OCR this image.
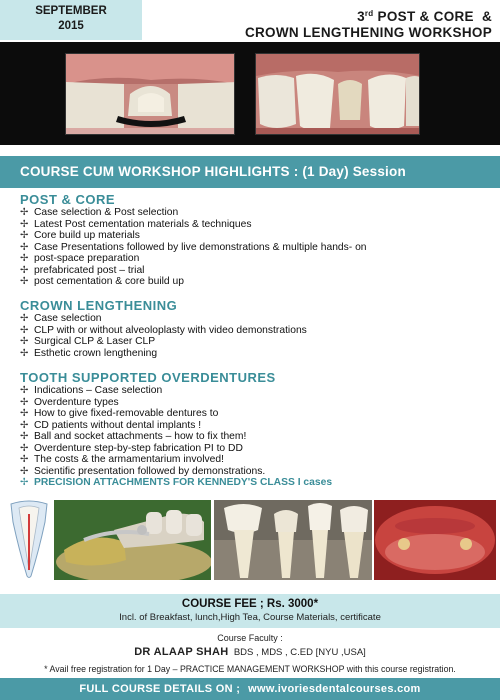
SEPTEMBER
2015
3rd POST & CORE  &
CROWN LENGTHENING WORKSHOP
COURSE CUM WORKSHOP HIGHLIGHTS : (1 Day) Session
POST & CORE
✢ Case selection & Post selection
✢ Latest Post cementation materials & techniques
✢ Core build up materials
✢ Case Presentations followed by live demonstrations & multiple hands- on
✢ post-space preparation
✢ prefabricated post – trial
✢ post cementation & core build up
CROWN LENGTHENING
✢ Case selection
✢ CLP with or without alveoloplasty with video demonstrations
✢ Surgical CLP & Laser CLP
✢ Esthetic crown lengthening
TOOTH SUPPORTED OVERDENTURES
✢ Indications – Case selection
✢ Overdenture types
✢ How to give fixed-removable dentures to
✢ CD patients without dental implants !
✢ Ball and socket attachments – how to fix them!
✢ Overdenture step-by-step fabrication PI to DD
✢ The costs & the armamentarium involved!
✢ Scientific presentation followed by demonstrations.
✢ PRECISION ATTACHMENTS FOR KENNEDY'S CLASS I cases
COURSE FEE ; Rs. 3000*
Incl. of Breakfast, lunch,High Tea, Course Materials, certificate
Course Faculty :
DR ALAAP SHAH BDS , MDS , C.ED [NYU ,USA]
* Avail free registration for 1 Day – PRACTICE MANAGEMENT WORKSHOP with this course registration.
FULL COURSE DETAILS ON ; www.ivoriesdentalcourses.com
